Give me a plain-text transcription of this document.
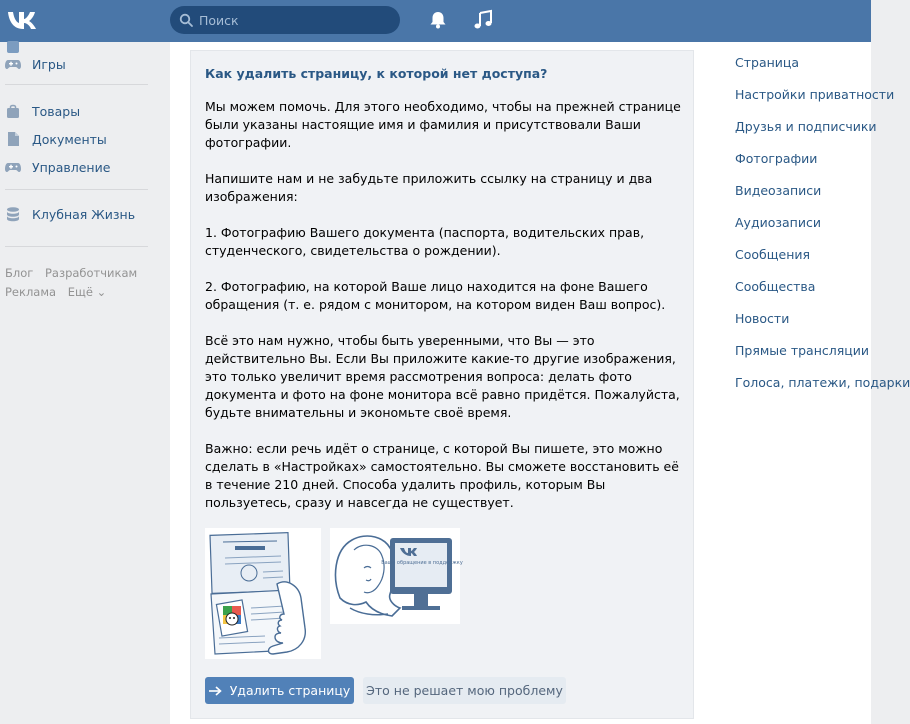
Поиск
Игры
Товары
Документы
Управление
Клубная Жизнь
Блог Разработчикам
Реклама Ещё ⌄
Как удалить страницу, к которой нет доступа?
Мы можем помочь. Для этого необходимо, чтобы на прежней странице были указаны настоящие имя и фамилия и присутствовали Ваши фотографии.
Напишите нам и не забудьте приложить ссылку на страницу и два изображения:
1. Фотографию Вашего документа (паспорта, водительских прав, студенческого, свидетельства о рождении).
2. Фотографию, на которой Ваше лицо находится на фоне Вашего обращения (т. е. рядом с монитором, на котором виден Ваш вопрос).
Всё это нам нужно, чтобы быть уверенными, что Вы — это действительно Вы. Если Вы приложите какие-то другие изображения, это только увеличит время рассмотрения вопроса: делать фото документа и фото на фоне монитора всё равно придётся. Пожалуйста, будьте внимательны и экономьте своё время.
Важно: если речь идёт о странице, с которой Вы пишете, это можно сделать в «Настройках» самостоятельно. Вы сможете восстановить её в течение 210 дней. Способа удалить профиль, которым Вы пользуетесь, сразу и навсегда не существует.
Ваше обращение в поддержку
Удалить страницу Это не решает мою проблему
Страница
Настройки приватности
Друзья и подписчики
Фотографии
Видеозаписи
Аудиозаписи
Сообщения
Сообщества
Новости
Прямые трансляции
Голоса, платежи, подарки
